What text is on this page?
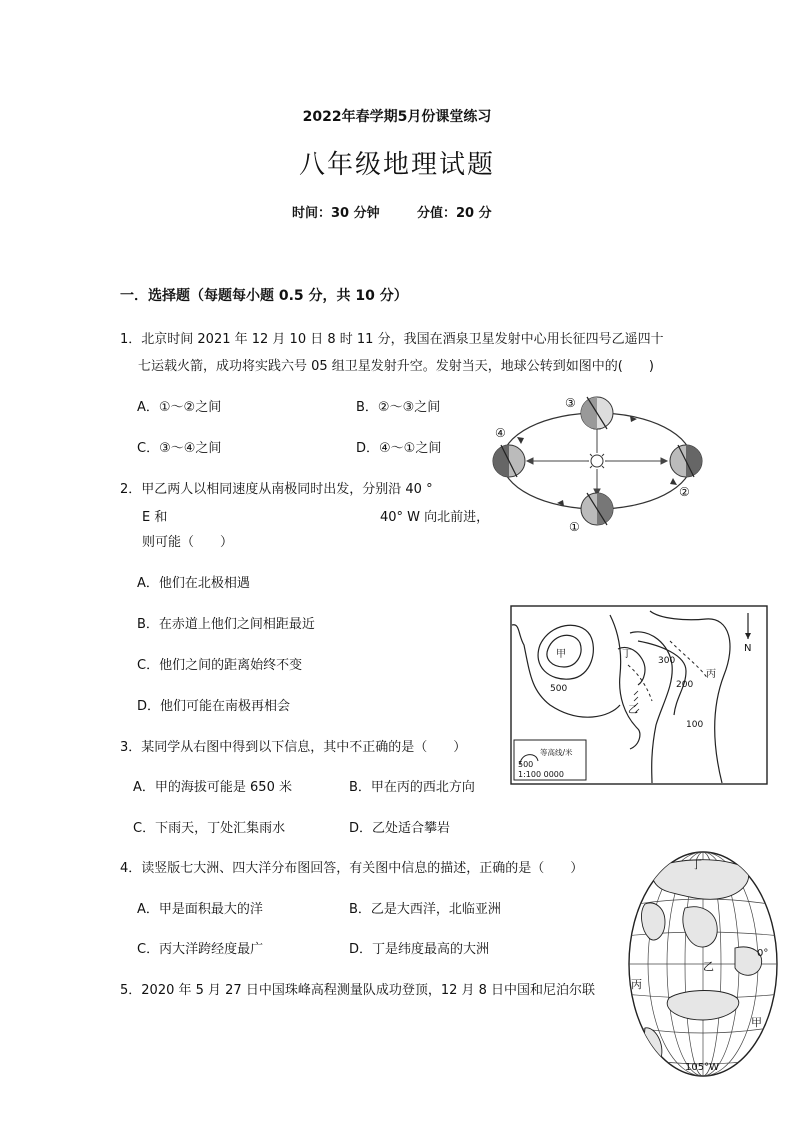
2022年春学期5月份课堂练习
八年级地理试题
时间：30 分钟	分值：20 分
一．选择题（每题每小题 0.5 分，共 10 分）
1．北京时间 2021 年 12 月 10 日 8 时 11 分，我国在酒泉卫星发射中心用长征四号乙遥四十
七运载火箭，成功将实践六号 05 组卫星发射升空。发射当天，地球公转到如图中的(　　)
A．①～②之间	B．②～③之间
C．③～④之间	D．④～①之间
2．甲乙两人以相同速度从南极同时出发，分别沿 40 °
E 和	40° W 向北前进，
则可能（　　）
A．他们在北极相遇
B．在赤道上他们之间相距最近
C．他们之间的距离始终不变
D．他们可能在南极再相会
3．某同学从右图中得到以下信息，其中不正确的是（　　）
A．甲的海拔可能是 650 米	B．甲在丙的西北方向
C．下雨天，丁处汇集雨水	D．乙处适合攀岩
4．读竖版七大洲、四大洋分布图回答，有关图中信息的描述，正确的是（　　）
A．甲是面积最大的洋	B．乙是大西洋，北临亚洲
C．丙大洋跨经度最广	D．丁是纬度最高的大洲
5．2020 年 5 月 27 日中国珠峰高程测量队成功登顶，12 月 8 日中国和尼泊尔联
①
②
③
④
N
甲
乙
丙
丁
300
200
100
500
500
等高线/米
1:100 0000
丁
乙
丙
甲
0°
105°W
